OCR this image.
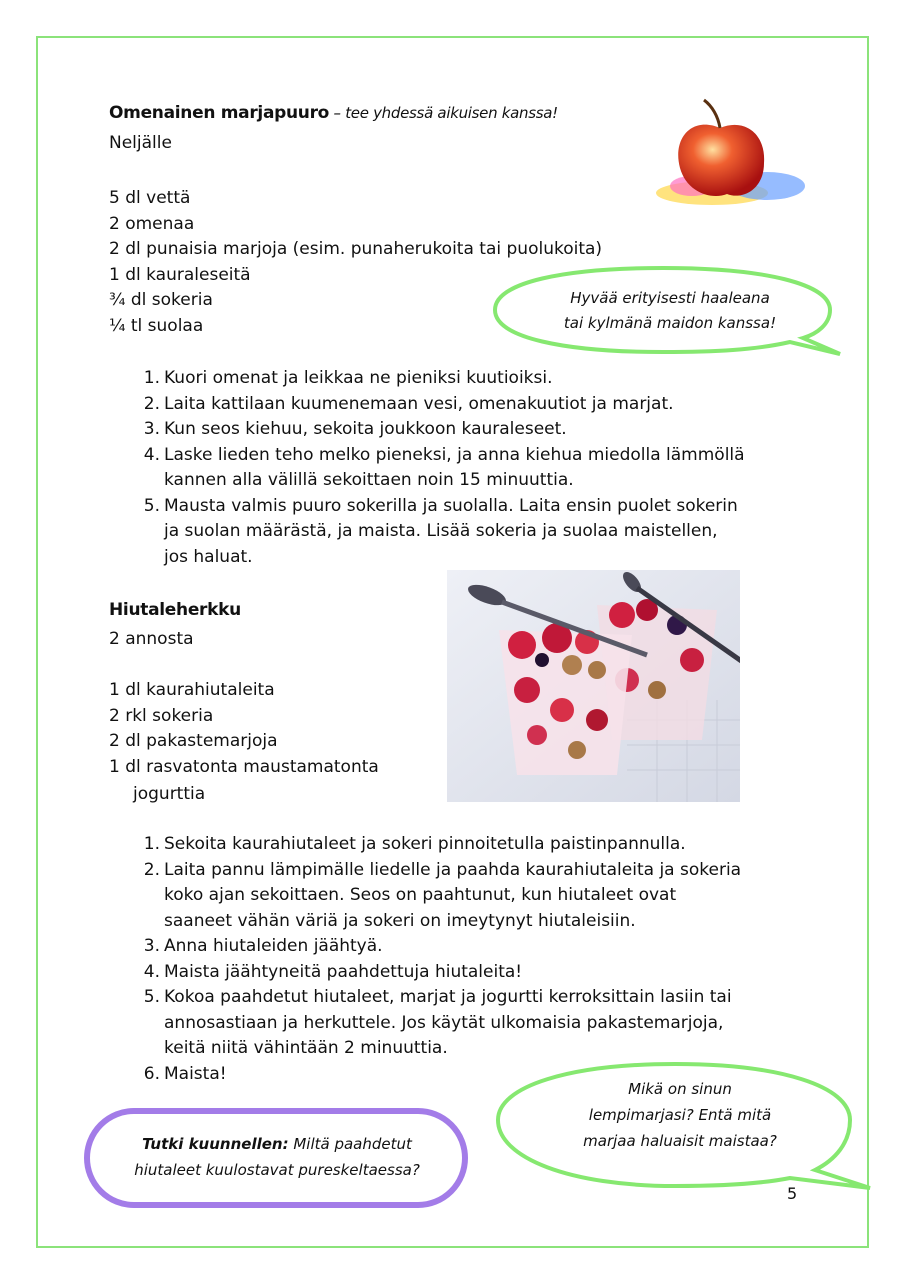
Omenainen marjapuuro – tee yhdessä aikuisen kanssa!
Neljälle
5 dl vettä
2 omenaa
2 dl punaisia marjoja (esim. punaherukoita tai puolukoita)
1 dl kauraleseitä
¾ dl sokeria
¼ tl suolaa
Hyvää erityisesti haaleana
tai kylmänä maidon kanssa!
1. Kuori omenat ja leikkaa ne pieniksi kuutioiksi.
2. Laita kattilaan kuumenemaan vesi, omenakuutiot ja marjat.
3. Kun seos kiehuu, sekoita joukkoon kauraleseet.
4. Laske lieden teho melko pieneksi, ja anna kiehua miedolla lämmöllä
kannen alla välillä sekoittaen noin 15 minuuttia.
5. Mausta valmis puuro sokerilla ja suolalla. Laita ensin puolet sokerin
ja suolan määrästä, ja maista. Lisää sokeria ja suolaa maistellen,
jos haluat.
Hiutaleherkku
2 annosta
1 dl kaurahiutaleita
2 rkl sokeria
2 dl pakastemarjoja
1 dl rasvatonta maustamatonta
jogurttia
1. Sekoita kaurahiutaleet ja sokeri pinnoitetulla paistinpannulla.
2. Laita pannu lämpimälle liedelle ja paahda kaurahiutaleita ja sokeria
koko ajan sekoittaen. Seos on paahtunut, kun hiutaleet ovat
saaneet vähän väriä ja sokeri on imeytynyt hiutaleisiin.
3. Anna hiutaleiden jäähtyä.
4. Maista jäähtyneitä paahdettuja hiutaleita!
5. Kokoa paahdetut hiutaleet, marjat ja jogurtti kerroksittain lasiin tai
annosastiaan ja herkuttele. Jos käytät ulkomaisia pakastemarjoja,
keitä niitä vähintään 2 minuuttia.
6. Maista!
Mikä on sinun
lempimarjasi? Entä mitä
marjaa haluaisit maistaa?
Tutki kuunnellen: Miltä paahdetut
hiutaleet kuulostavat pureskeltaessa?
5
